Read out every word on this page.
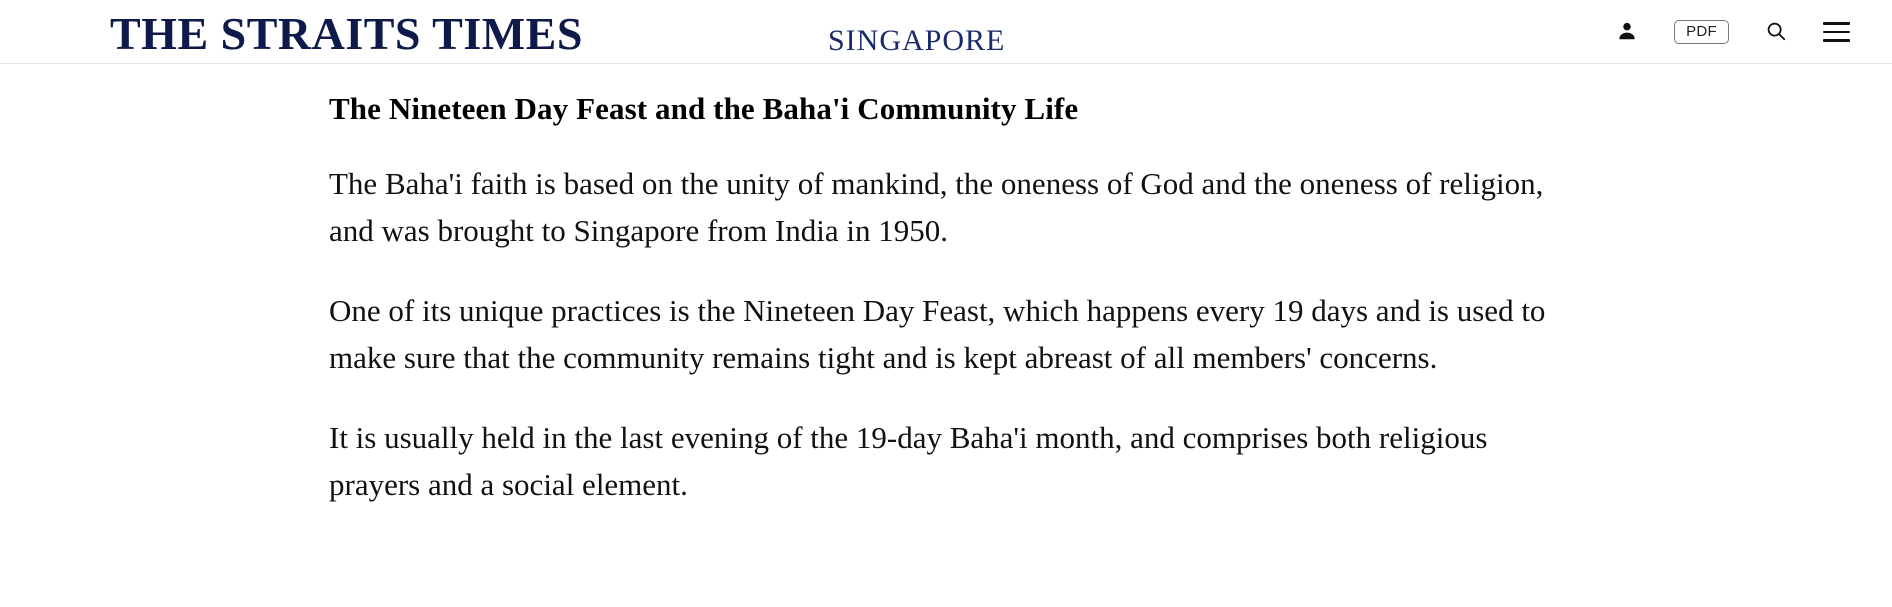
THE STRAITS TIMES	SINGAPORE	PDF
The Nineteen Day Feast and the Baha'i Community Life

The Baha'i faith is based on the unity of mankind, the oneness of God and the oneness of religion, and was brought to Singapore from India in 1950.

One of its unique practices is the Nineteen Day Feast, which happens every 19 days and is used to make sure that the community remains tight and is kept abreast of all members' concerns.

It is usually held in the last evening of the 19-day Baha'i month, and comprises both religious prayers and a social element.
